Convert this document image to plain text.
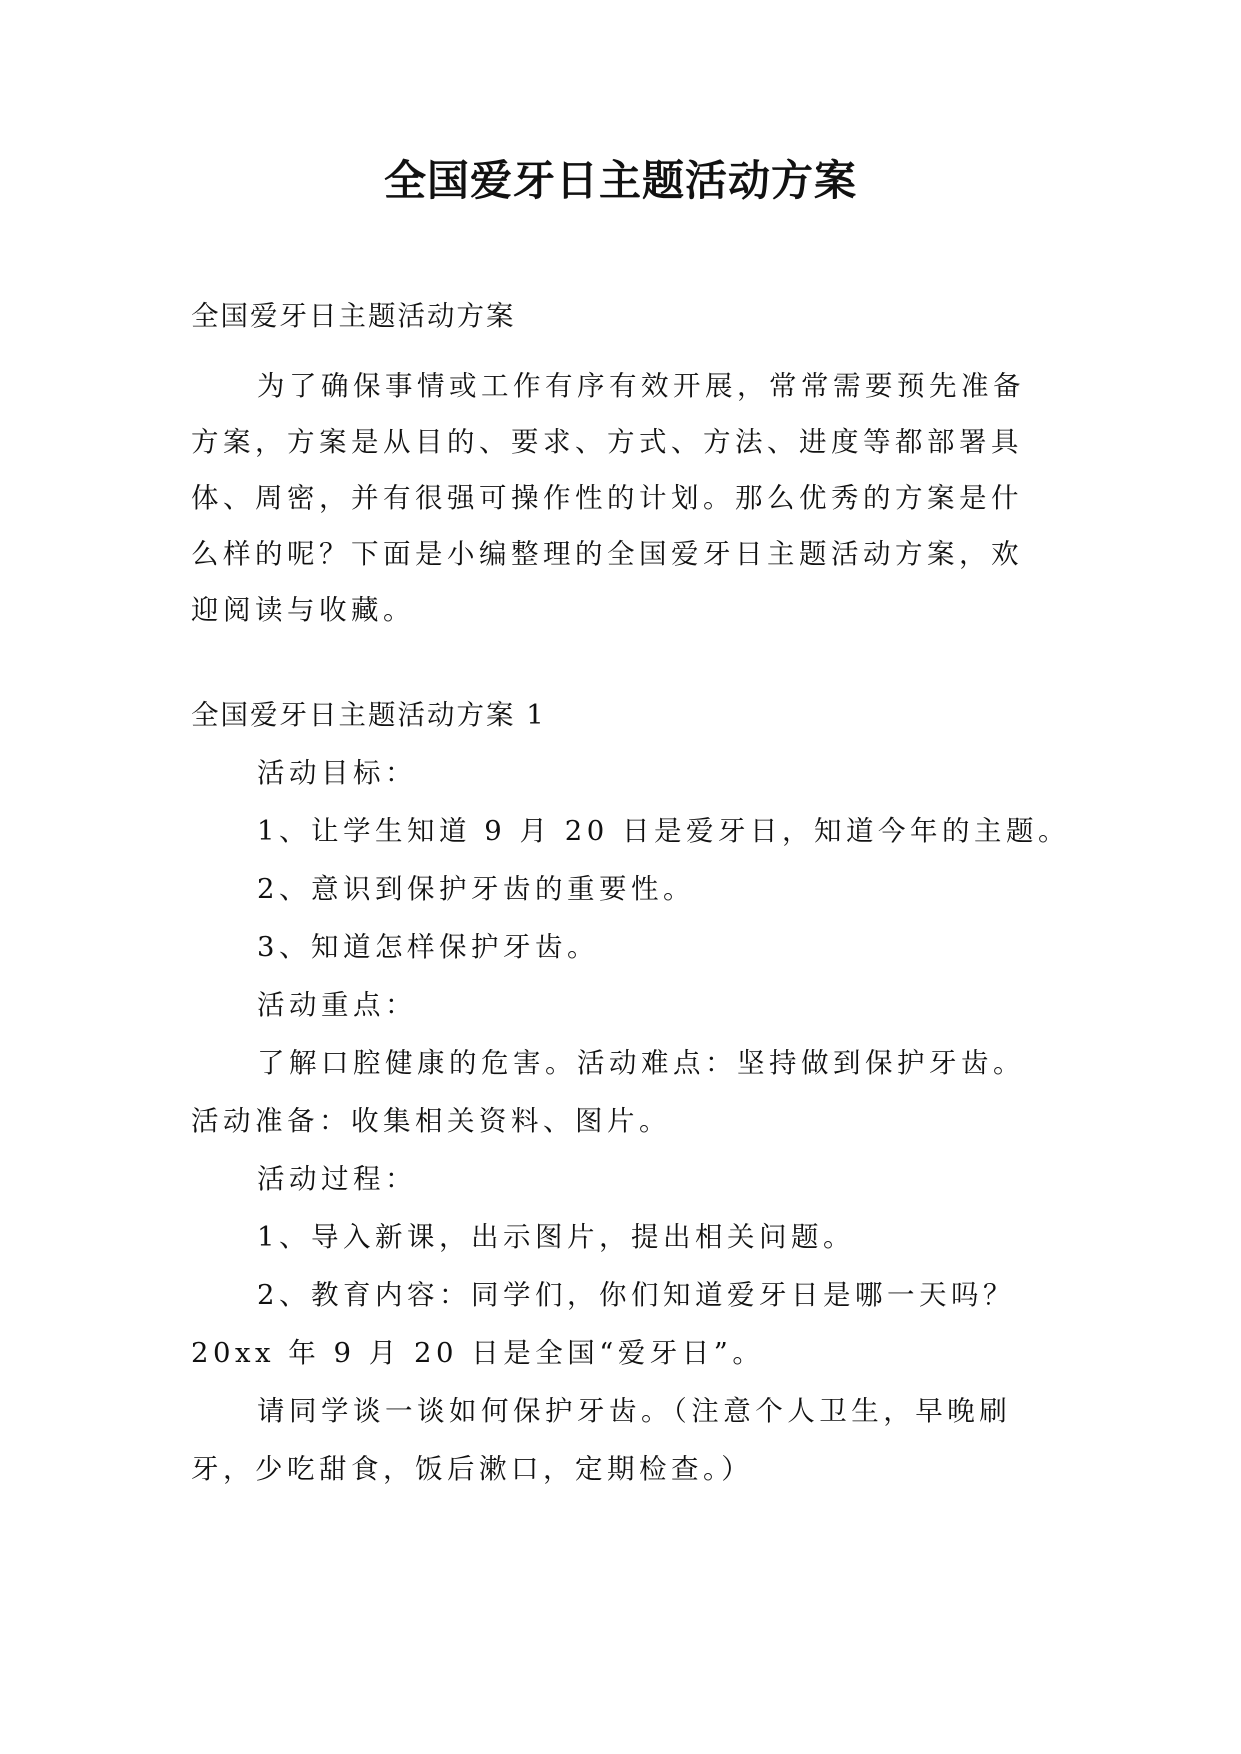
全国爱牙日主题活动方案
全国爱牙日主题活动方案
为了确保事情或工作有序有效开展，常常需要预先准备
方案，方案是从目的、要求、方式、方法、进度等都部署具
体、周密，并有很强可操作性的计划。那么优秀的方案是什
么样的呢？下面是小编整理的全国爱牙日主题活动方案，欢
迎阅读与收藏。
全国爱牙日主题活动方案 1
活动目标：
1、让学生知道 9 月 20 日是爱牙日，知道今年的主题。
2、意识到保护牙齿的重要性。
3、知道怎样保护牙齿。
活动重点：
了解口腔健康的危害。活动难点：坚持做到保护牙齿。
活动准备：收集相关资料、图片。
活动过程：
1、导入新课，出示图片，提出相关问题。
2、教育内容：同学们，你们知道爱牙日是哪一天吗？
20xx 年 9 月 20 日是全国“爱牙日”。
请同学谈一谈如何保护牙齿。（注意个人卫生，早晚刷
牙，少吃甜食，饭后漱口，定期检查。）
